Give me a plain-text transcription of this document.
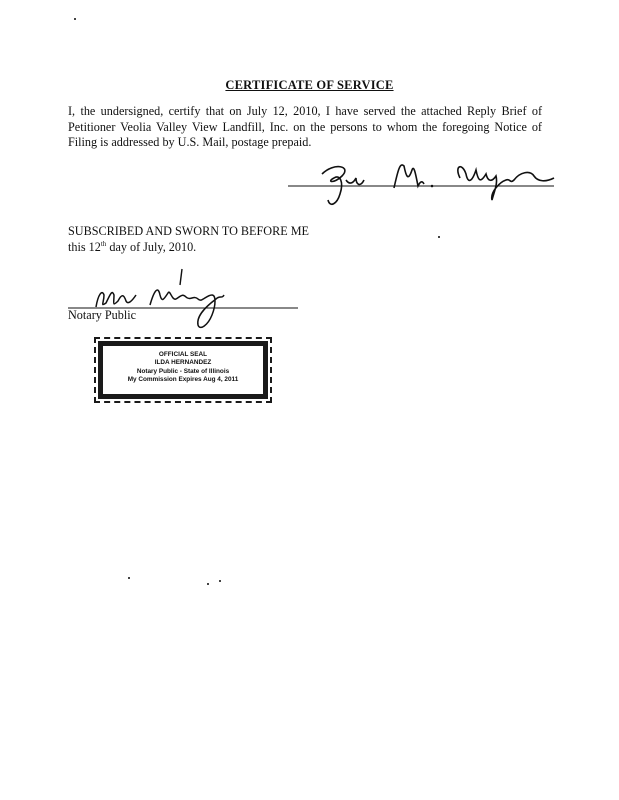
CERTIFICATE OF SERVICE
I, the undersigned, certify that on July 12, 2010, I have served the attached Reply Brief of Petitioner Veolia Valley View Landfill, Inc. on the persons to whom the foregoing Notice of Filing is addressed by U.S. Mail, postage prepaid.
SUBSCRIBED AND SWORN TO BEFORE ME
this 12th day of July, 2010.
Notary Public
OFFICIAL SEAL
ILDA HERNANDEZ
Notary Public - State of Illinois
My Commission Expires Aug 4, 2011
